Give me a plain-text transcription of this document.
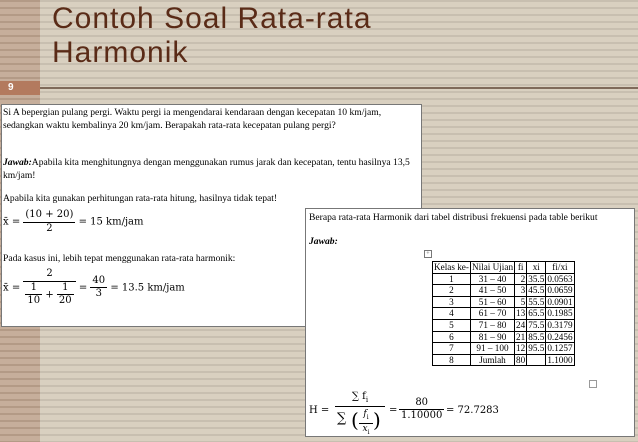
Contoh Soal Rata-rata
Harmonik
9
Si A bepergian pulang pergi. Waktu pergi ia mengendarai kendaraan dengan kecepatan 10 km/jam, sedangkan waktu kembalinya 20 km/jam. Berapakah rata-rata kecepatan pulang pergi?
Jawab:Apabila kita menghitungnya dengan menggunakan rumus jarak dan kecepatan, tentu hasilnya 13,5 km/jam!
Apabila kita gunakan perhitungan rata-rata hitung, hasilnya tidak tepat!
x̄ = $\frac{(10 + 20)}{2} = 15$ km/jam
Pada kasus ini, lebih tepat menggunakan rata-rata harmonik:
x̄ =
2
$\frac{1}{10} + \frac{1}{20} = \frac{40}{3} = 13.5$ km/jam
Berapa rata-rata Harmonik dari tabel distribusi frekuensi pada table berikut
Jawab:
+
Kelas ke-	Nilai Ujian	fi	xi	fi/xi
1	31 – 40	2	35.5	0.0563
2	41 – 50	3	45.5	0.0659
3	51 – 60	5	55.5	0.0901
4	61 – 70	13	65.5	0.1985
5	71 – 80	24	75.5	0.3179
6	81 – 90	21	85.5	0.2456
7	91 – 100	12	95.5	0.1257
8	Jumlah	80		1.1000
H =
∑ $f_i$
∑ ( $f_i$
$x_i$
) = $\frac{80}{1.10000} = 72.7283$
